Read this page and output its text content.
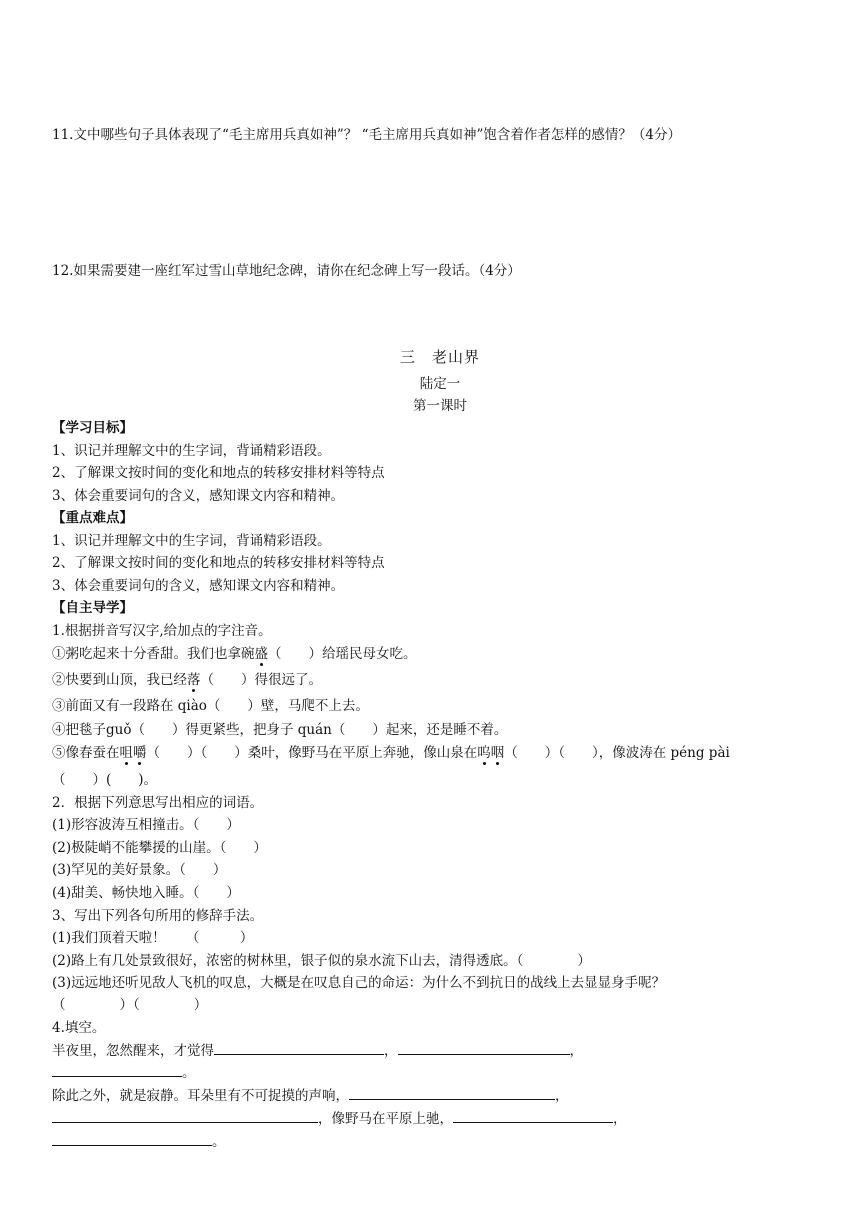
11.文中哪些句子具体表现了“毛主席用兵真如神”？ “毛主席用兵真如神”饱含着作者怎样的感情？（4分）
12.如果需要建一座红军过雪山草地纪念碑，请你在纪念碑上写一段话。（4分）
三　老山界
陆定一
第一课时
【学习目标】
1、识记并理解文中的生字词，背诵精彩语段。
2、了解课文按时间的变化和地点的转移安排材料等特点
3、体会重要词句的含义，感知课文内容和精神。
【重点难点】
1、识记并理解文中的生字词，背诵精彩语段。
2、了解课文按时间的变化和地点的转移安排材料等特点
3、体会重要词句的含义，感知课文内容和精神。
【自主导学】
1.根据拼音写汉字,给加点的字注音。
①粥吃起来十分香甜。我们也拿碗盛（　　）给瑶民母女吃。
②快要到山顶，我已经落（　　）得很远了。
③前面又有一段路在 qiào（　　）壁，马爬不上去。
④把毯子guǒ（　　）得更紧些，把身子 quán（　　）起来，还是睡不着。
⑤像春蚕在咀嚼（　　）（　　）桑叶，像野马在平原上奔驰，像山泉在呜咽（　　）（　　），像波涛在 péng pài
（　　）(　　)。
2．根据下列意思写出相应的词语。
(1)形容波涛互相撞击。（　　）
(2)极陡峭不能攀援的山崖。（　　）
(3)罕见的美好景象。（　　）
(4)甜美、畅快地入睡。（　　）
3、写出下列各句所用的修辞手法。
(1)我们顶着天啦！　　（　　　）
(2)路上有几处景致很好，浓密的树林里，银子似的泉水流下山去，清得透底。（　　　　）
(3)远远地还听见敌人飞机的叹息，大概是在叹息自己的命运：为什么不到抗日的战线上去显显身手呢？
（　　　　）（　　　　）
4.填空。
半夜里，忽然醒来，才觉得	，	，
。
除此之外，就是寂静。耳朵里有不可捉摸的声响，	，
，像野马在平原上驰，	，
。
